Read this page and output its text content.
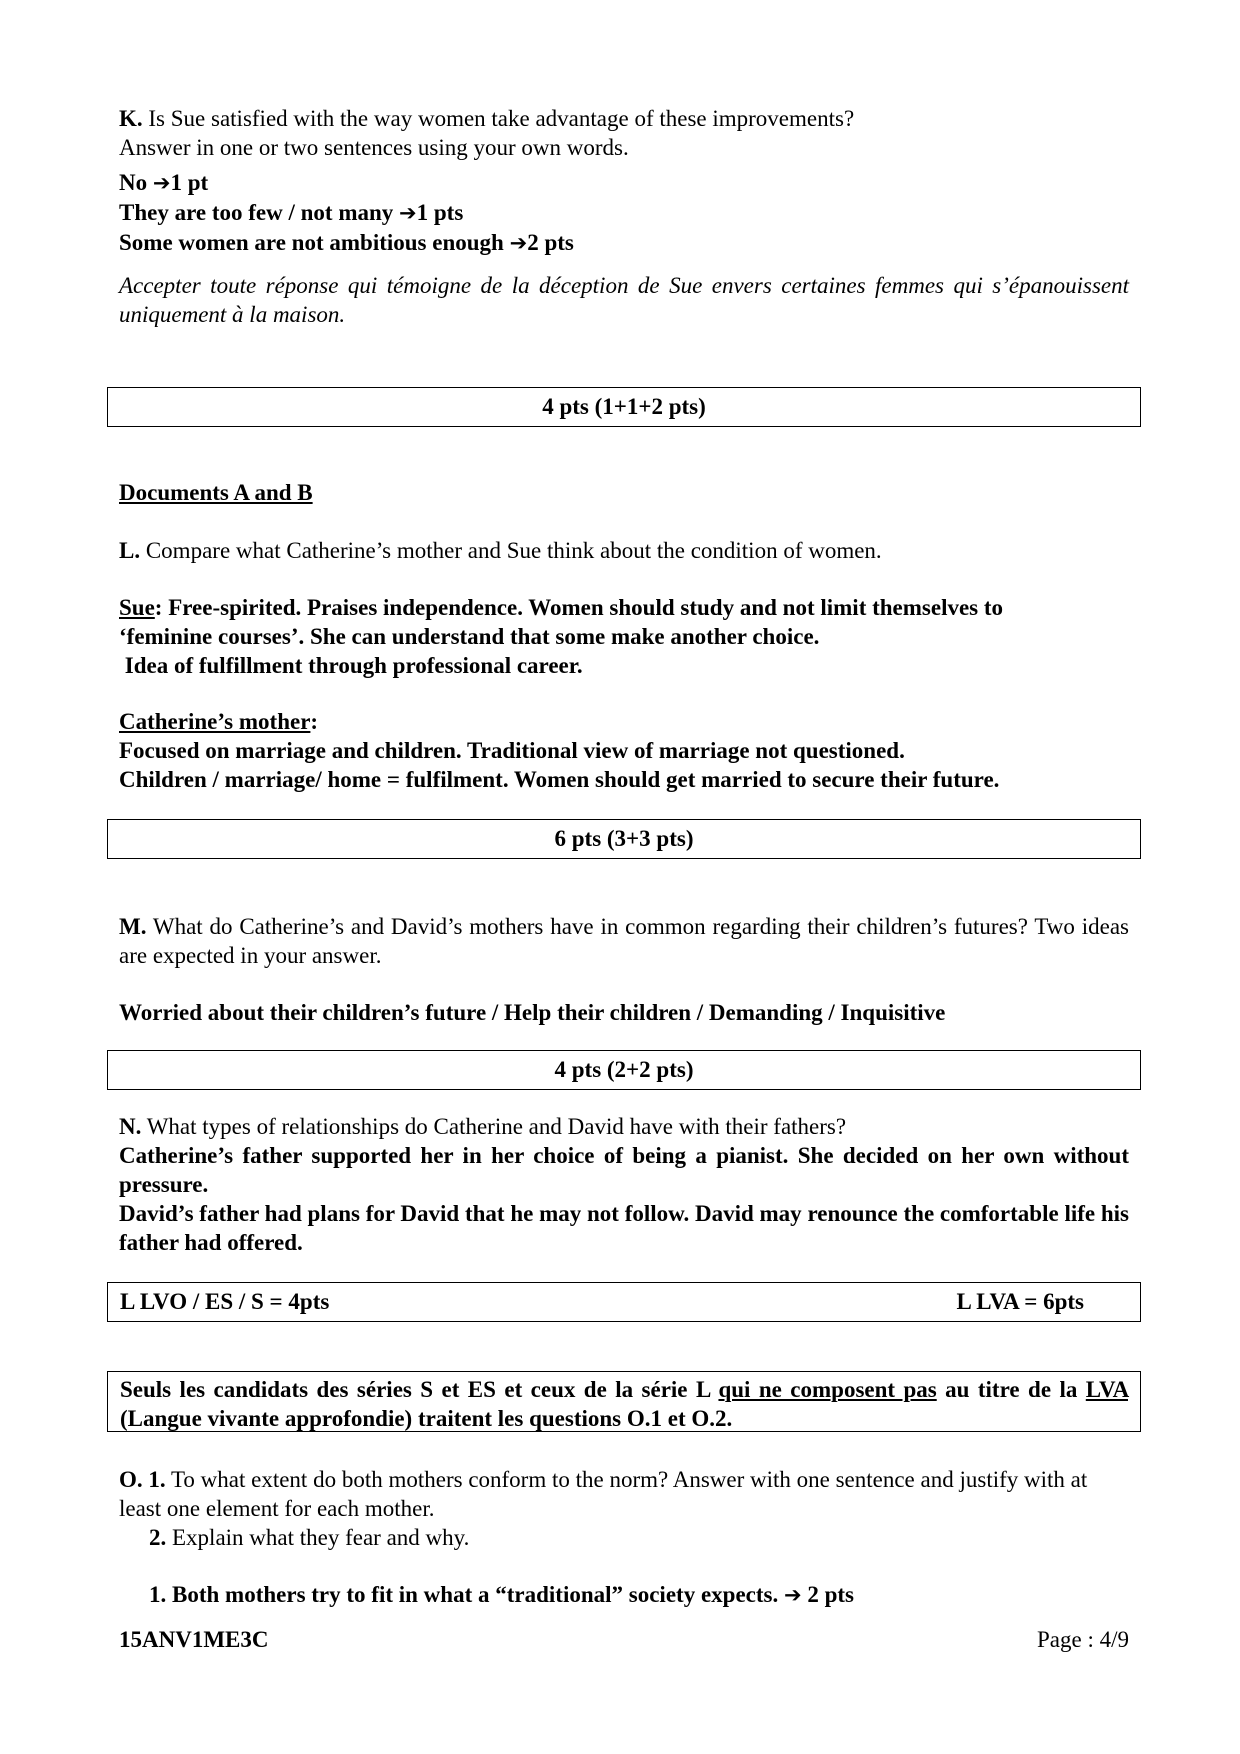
K. Is Sue satisfied with the way women take advantage of these improvements?
Answer in one or two sentences using your own words.
No ➔1 pt
They are too few / not many ➔1 pts
Some women are not ambitious enough ➔2 pts
Accepter toute réponse qui témoigne de la déception de Sue envers certaines femmes qui s’épanouissent uniquement à la maison.
4 pts (1+1+2 pts)
Documents A and B
L. Compare what Catherine’s mother and Sue think about the condition of women.
Sue: Free-spirited. Praises independence. Women should study and not limit themselves to
‘feminine courses’. She can understand that some make another choice.
Idea of fulfillment through professional career.
Catherine’s mother:
Focused on marriage and children. Traditional view of marriage not questioned.
Children / marriage/ home = fulfilment. Women should get married to secure their future.
6 pts (3+3 pts)
M. What do Catherine’s and David’s mothers have in common regarding their children’s futures? Two ideas are expected in your answer.
Worried about their children’s future / Help their children / Demanding / Inquisitive
4 pts (2+2 pts)
N. What types of relationships do Catherine and David have with their fathers?
Catherine’s father supported her in her choice of being a pianist. She decided on her own without pressure.
David’s father had plans for David that he may not follow. David may renounce the comfortable life his father had offered.
L LVO / ES / S = 4pts	L LVA = 6pts
Seuls les candidats des séries S et ES et ceux de la série L qui ne composent pas au titre de la LVA (Langue vivante approfondie) traitent les questions O.1 et O.2.
O. 1. To what extent do both mothers conform to the norm? Answer with one sentence and justify with at least one element for each mother.
2. Explain what they fear and why.
1. Both mothers try to fit in what a “traditional” society expects. ➔ 2 pts
15ANV1ME3C	Page : 4/9
